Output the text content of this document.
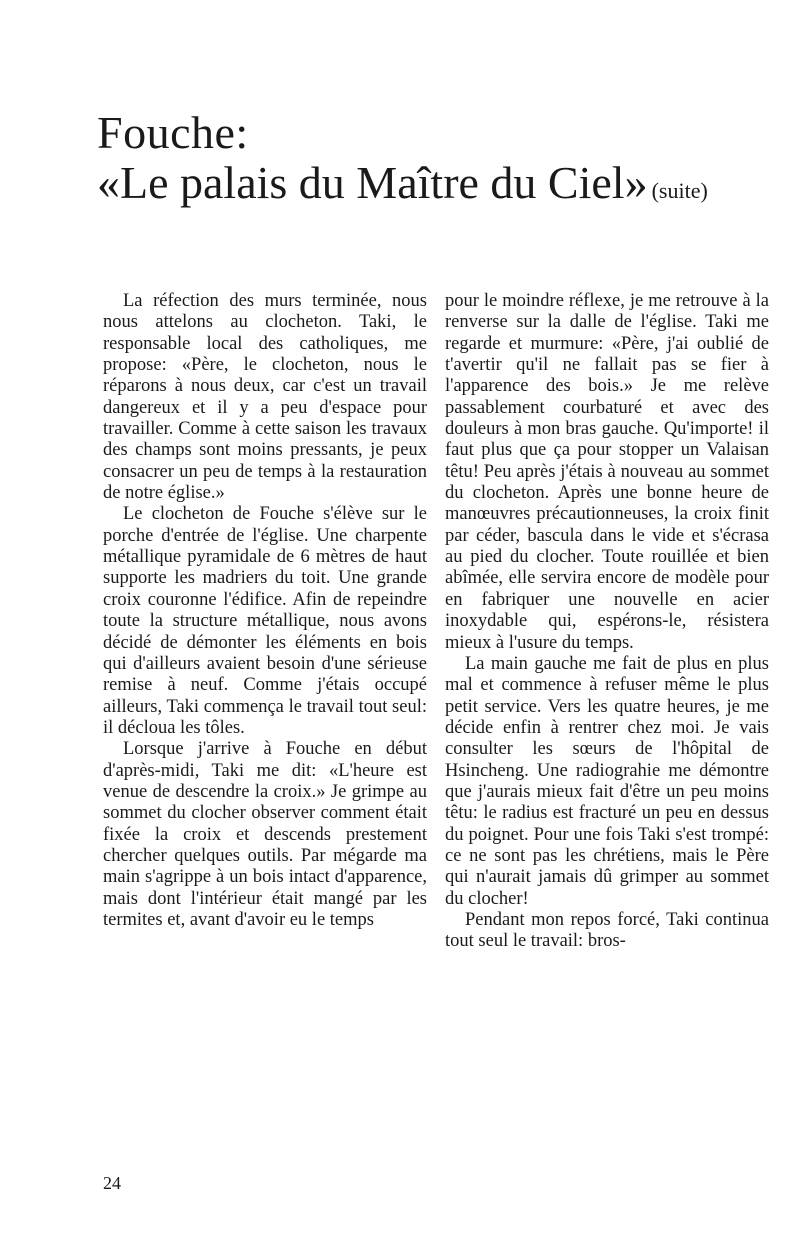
Fouche:
«Le palais du Maître du Ciel» (suite)

La réfection des murs terminée, nous nous attelons au clocheton. Taki, le responsable local des catholiques, me propose: «Père, le clocheton, nous le réparons à nous deux, car c'est un travail dangereux et il y a peu d'espace pour travailler. Comme à cette saison les travaux des champs sont moins pressants, je peux consacrer un peu de temps à la restauration de notre église.»

Le clocheton de Fouche s'élève sur le porche d'entrée de l'église. Une charpente métallique pyramidale de 6 mètres de haut supporte les madriers du toit. Une grande croix couronne l'édifice. Afin de repeindre toute la structure métallique, nous avons décidé de démonter les éléments en bois qui d'ailleurs avaient besoin d'une sérieuse remise à neuf. Comme j'étais occupé ailleurs, Taki commença le travail tout seul: il décloua les tôles.

Lorsque j'arrive à Fouche en début d'après-midi, Taki me dit: «L'heure est venue de descendre la croix.» Je grimpe au sommet du clocher observer comment était fixée la croix et descends prestement chercher quelques outils. Par mégarde ma main s'agrippe à un bois intact d'apparence, mais dont l'intérieur était mangé par les termites et, avant d'avoir eu le temps

pour le moindre réflexe, je me retrouve à la renverse sur la dalle de l'église. Taki me regarde et murmure: «Père, j'ai oublié de t'avertir qu'il ne fallait pas se fier à l'apparence des bois.» Je me relève passablement courbaturé et avec des douleurs à mon bras gauche. Qu'importe! il faut plus que ça pour stopper un Valaisan têtu! Peu après j'étais à nouveau au sommet du clocheton. Après une bonne heure de manœuvres précautionneuses, la croix finit par céder, bascula dans le vide et s'écrasa au pied du clocher. Toute rouillée et bien abîmée, elle servira encore de modèle pour en fabriquer une nouvelle en acier inoxydable qui, espérons-le, résistera mieux à l'usure du temps.

La main gauche me fait de plus en plus mal et commence à refuser même le plus petit service. Vers les quatre heures, je me décide enfin à rentrer chez moi. Je vais consulter les sœurs de l'hôpital de Hsincheng. Une radiograhie me démontre que j'aurais mieux fait d'être un peu moins têtu: le radius est fracturé un peu en dessus du poignet. Pour une fois Taki s'est trompé: ce ne sont pas les chrétiens, mais le Père qui n'aurait jamais dû grimper au sommet du clocher!

Pendant mon repos forcé, Taki continua tout seul le travail: bros-

24
